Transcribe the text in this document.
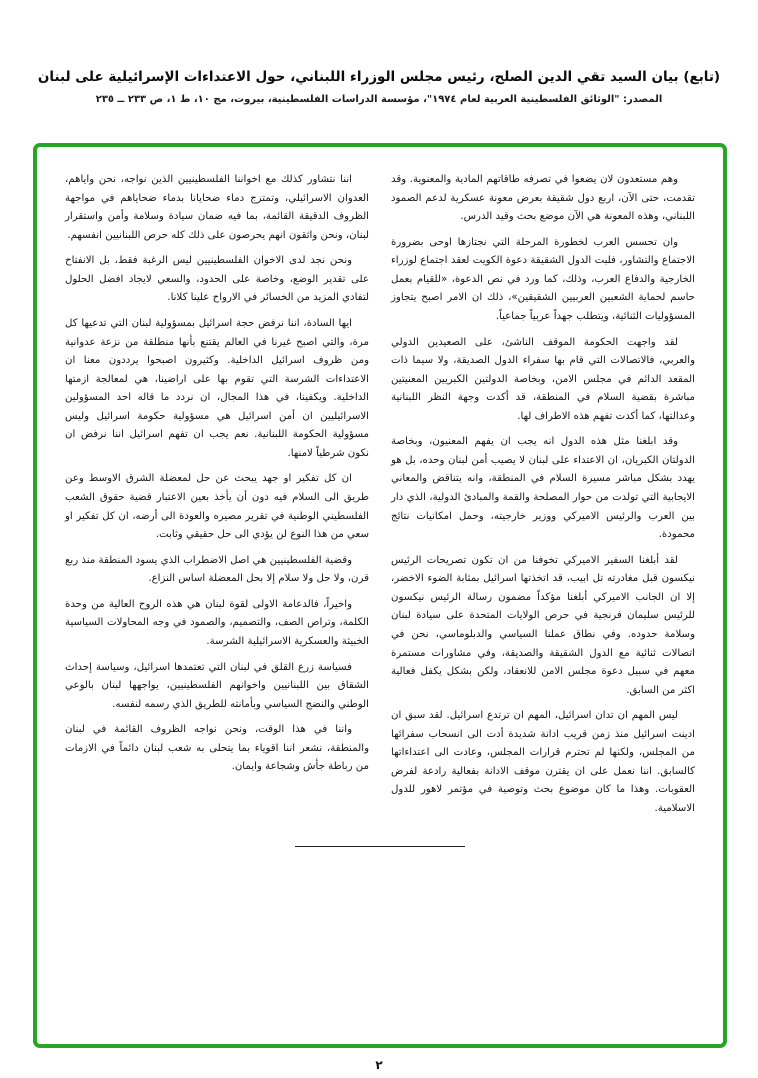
(تابع) بيان السيد تقي الدين الصلح، رئيس مجلس الوزراء اللبناني، حول الاعتداءات الإسرائيلية على لبنان

المصدر: "الوثائق الفلسطينية العربية لعام ١٩٧٤"، مؤسسة الدراسات الفلسطينية، بيروت، مج ١٠، ط ١، ص ٢٣٣ ــ ٢٣٥

وهم مستعدون لان يضعوا في تصرفه طاقاتهم المادية والمعنوية. وقد تقدمت، حتى الآن، اربع دول شقيقة بعرض معونة عسكرية لدعم الصمود اللبناني، وهذه المعونة هي الآن موضع بحث وقيد الدرس.

وان تحسس العرب لخطورة المرحلة التي نجتازها اوحى بضرورة الاجتماع والتشاور، فلبت الدول الشقيقة دعوة الكويت لعقد اجتماع لوزراء الخارجية والدفاع العرب، وذلك، كما ورد في نص الدعوة، «للقيام بعمل حاسم لحماية الشعبين العربيين الشقيقين»، ذلك ان الامر اصبح يتجاوز المسؤوليات الثنائية، ويتطلب جهداً عربياً جماعياً.

لقد واجهت الحكومة الموقف الناشئ، على الصعيدين الدولي والعربي، فالاتصالات التي قام بها سفراء الدول الصديقة، ولا سيما ذات المقعد الدائم في مجلس الامن، وبخاصة الدولتين الكبريين المعنيتين مباشرة بقضية السلام في المنطقة، قد أكدت وجهة النظر اللبنانية وعدالتها، كما أكدت تفهم هذه الاطراف لها.

وقد ابلغنا مثل هذه الدول انه يجب ان يفهم المعنيون، وبخاصة الدولتان الكبريان، ان الاعتداء على لبنان لا يصيب أمن لبنان وحده، بل هو يهدد بشكل مباشر مسيرة السلام في المنطقة، وانه يتناقض والمعاني الايجابية التي تولدت من حوار المصلحة والقمة والمبادئ الدولية، الذي دار بين العرب والرئيس الاميركي ووزير خارجيته، وحمل امكانيات نتائج محمودة.

لقد أبلغنا السفير الاميركي تخوفنا من ان تكون تصريحات الرئيس نيكسون قبل مغادرته تل ابيب، قد اتخذتها اسرائيل بمثابة الضوء الاخضر، إلا ان الجانب الاميركي أبلغنا مؤكداً مضمون رسالة الرئيس نيكسون للرئيس سليمان فرنجية في حرص الولايات المتحدة على سيادة لبنان وسلامة حدوده. وفي نطاق عملنا السياسي والدبلوماسي، نحن في اتصالات ثنائية مع الدول الشقيقة والصديقة، وفي مشاورات مستمرة معهم في سبيل دعوة مجلس الامن للانعقاد، ولكن بشكل يكفل فعالية اكثر من السابق.

ليس المهم ان تدان اسرائيل، المهم ان ترتدع اسرائيل. لقد سبق ان ادينت اسرائيل منذ زمن قريب ادانة شديدة أدت الى انسحاب سفرائها من المجلس، ولكنها لم تحترم قرارات المجلس، وعادت الى اعتداءاتها كالسابق. اننا نعمل على ان يقترن موقف الادانة بفعالية رادعة لفرض العقوبات. وهذا ما كان موضوع بحث وتوصية في مؤتمر لاهور للدول الاسلامية.

اننا نتشاور كذلك مع اخواننا الفلسطينيين الذين نواجه، نحن واياهم، العدوان الاسرائيلي، وتمتزج دماء ضحايانا بدماء ضحاياهم في مواجهة الظروف الدقيقة القائمة، بما فيه ضمان سيادة وسلامة وأمن واستقرار لبنان، ونحن واثقون انهم يحرصون على ذلك كله حرص اللبنانيين انفسهم.

ونحن نجد لدى الاخوان الفلسطينيين ليس الرغبة فقط، بل الانفتاح على تقدير الوضع، وخاصة على الحدود، والسعي لايجاد افضل الحلول لتفادي المزيد من الخسائر في الارواح علينا كلانا.

ايها السادة، اننا نرفض حجة اسرائيل بمسؤولية لبنان التي تدعيها كل مرة، والتي اصبح غيرنا في العالم يقتنع بأنها منطلقة من نزعة عدوانية ومن ظروف اسرائيل الداخلية. وكثيرون اصبحوا يرددون معنا ان الاعتداءات الشرسة التي تقوم بها على اراضينا، هي لمعالجة ازمتها الداخلية. ويكفينا، في هذا المجال، ان نردد ما قاله احد المسؤولين الاسرائيليين ان أمن اسرائيل هي مسؤولية حكومة اسرائيل وليس مسؤولية الحكومة اللبنانية. نعم يجب ان تفهم اسرائيل اننا نرفض ان نكون شرطياً لامنها.

ان كل تفكير او جهد يبحث عن حل لمعضلة الشرق الاوسط وعن طريق الى السلام فيه دون أن يأخذ بعين الاعتبار قضية حقوق الشعب الفلسطيني الوطنية في تقرير مصيره والعودة الى أرضه، ان كل تفكير او سعي من هذا النوع لن يؤدي الى حل حقيقي وثابت.

وقضية الفلسطينيين هي اصل الاضطراب الذي يسود المنطقة منذ ربع قرن، ولا حل ولا سلام إلا بحل المعضلة اساس النزاع.

واخيراً، فالدعامة الاولى لقوة لبنان هي هذه الروح العالية من وحدة الكلمة، وتراص الصف، والتصميم، والصمود في وجه المحاولات السياسية الخبيثة والعسكرية الاسرائيلية الشرسة.

فسياسة زرع القلق في لبنان التي تعتمدها اسرائيل، وسياسة إحداث الشقاق بين اللبنانيين واخوانهم الفلسطينيين، يواجهها لبنان بالوعي الوطني والنضج السياسي وبأمانته للطريق الذي رسمه لنفسه.

واننا في هذا الوقت، ونحن نواجه الظروف القائمة في لبنان والمنطقة، نشعر اننا اقوياء بما يتحلى به شعب لبنان دائماً في الازمات من رباطة جأش وشجاعة وايمان.

٢
